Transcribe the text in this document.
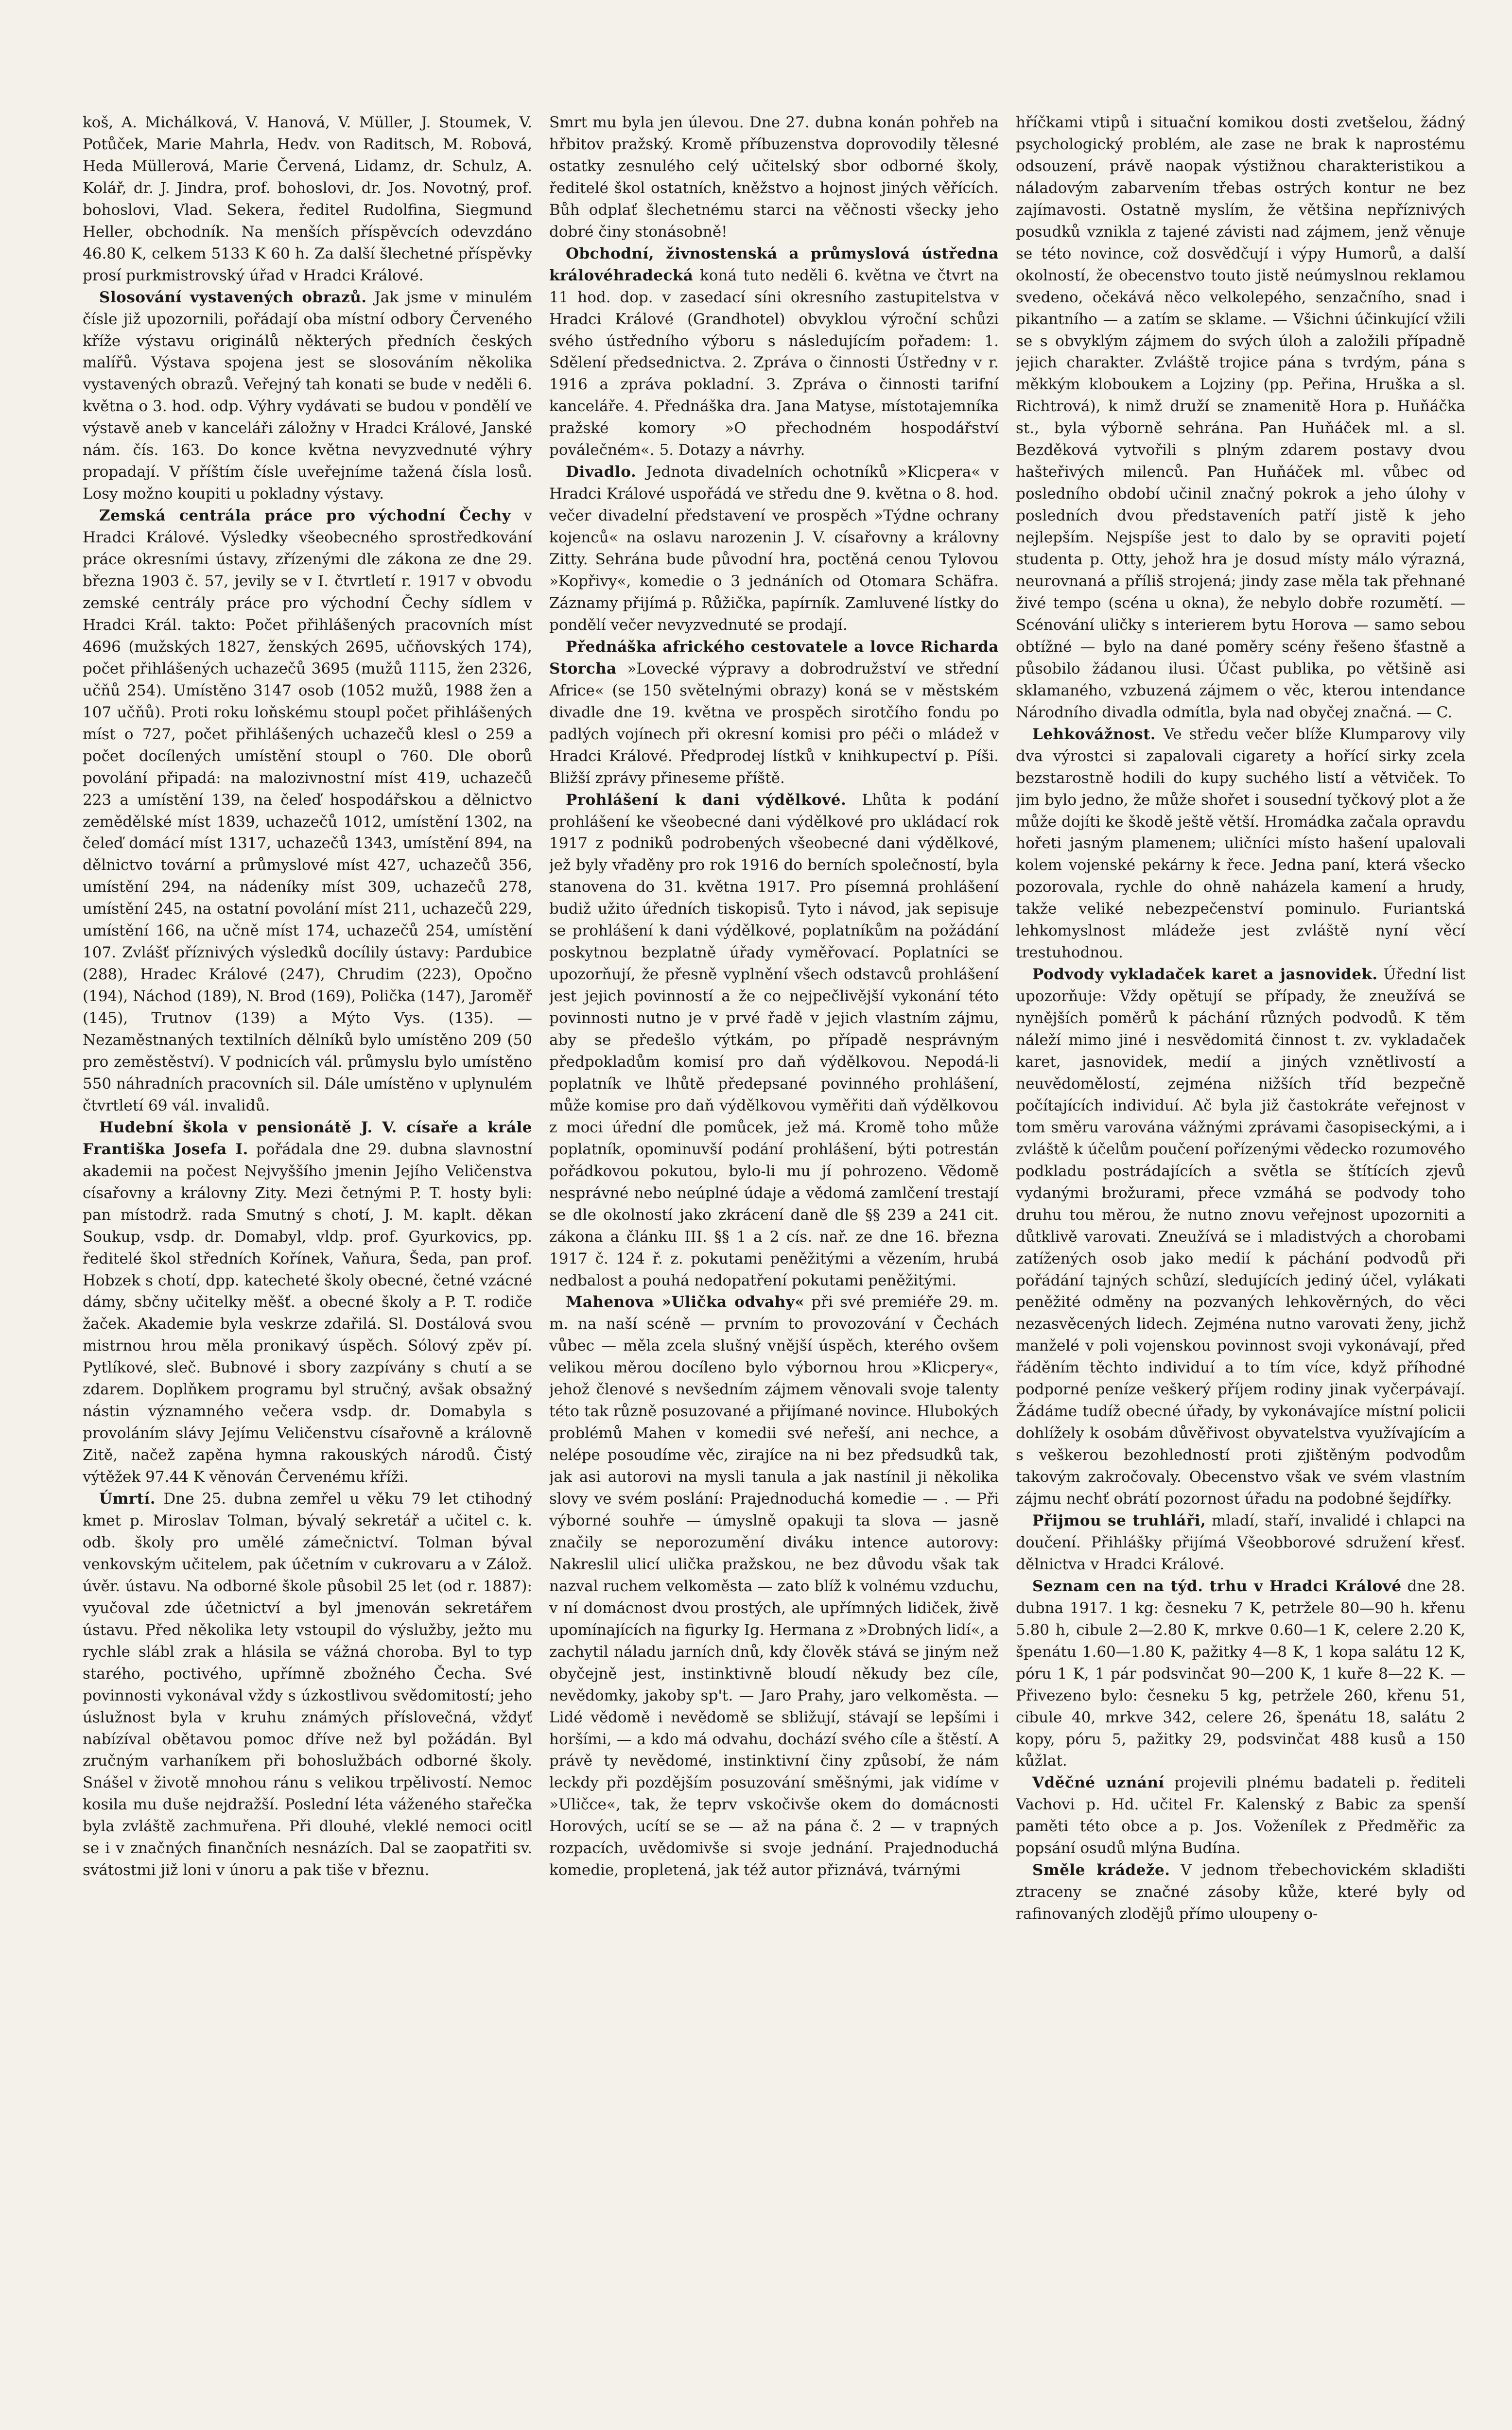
koš, A. Michálková, V. Hanová, V. Müller, J. Stoumek, V. Potůček, Marie Mahrla, Hedv. von Raditsch, M. Robová, Heda Müllerová, Marie Červená, Lidamz, dr. Schulz, A. Kolář, dr. J. Jindra, prof. bohoslovi, dr. Jos. Novotný, prof. bohoslovi, Vlad. Sekera, ředitel Rudolfina, Siegmund Heller, obchodník. Na menších příspěvcích odevzdáno 46.80 K, celkem 5133 K 60 h. Za další šlechetné příspěvky prosí purkmistrovský úřad v Hradci Králové.

Slosování vystavených obrazů. Jak jsme v minulém čísle již upozornili, pořádají oba místní odbory Červeného kříže výstavu originálů některých předních českých malířů. Výstava spojena jest se slosováním několika vystavených obrazů. Veřejný tah konati se bude v neděli 6. května o 3. hod. odp. Výhry vydávati se budou v pondělí ve výstavě aneb v kanceláři záložny v Hradci Králové, Janské nám. čís. 163. Do konce května nevyzvednuté výhry propadají. V příštím čísle uveřejníme tažená čísla losů. Losy možno koupiti u pokladny výstavy.

Zemská centrála práce pro východní Čechy v Hradci Králové. Výsledky všeobecného sprostředkování práce okresními ústavy, zřízenými dle zákona ze dne 29. března 1903 č. 57, jevily se v I. čtvrtletí r. 1917 v obvodu zemské centrály práce pro východní Čechy sídlem v Hradci Král. takto: Počet přihlášených pracovních míst 4696 (mužských 1827, ženských 2695, učňovských 174), počet přihlášených uchazečů 3695 (mužů 1115, žen 2326, učňů 254). Umístěno 3147 osob (1052 mužů, 1988 žen a 107 učňů). Proti roku loňskému stoupl počet přihlášených míst o 727, počet přihlášených uchazečů klesl o 259 a počet docílených umístění stoupl o 760. Dle oborů povolání připadá: na malozivnostní míst 419, uchazečů 223 a umístění 139, na čeleď hospodářskou a dělnictvo zemědělské míst 1839, uchazečů 1012, umístění 1302, na čeleď domácí míst 1317, uchazečů 1343, umístění 894, na dělnictvo tovární a průmyslové míst 427, uchazečů 356, umístění 294, na nádeníky míst 309, uchazečů 278, umístění 245, na ostatní povolání míst 211, uchazečů 229, umístění 166, na učně míst 174, uchazečů 254, umístění 107. Zvlášť příznivých výsledků docílily ústavy: Pardubice (288), Hradec Králové (247), Chrudim (223), Opočno (194), Náchod (189), N. Brod (169), Polička (147), Jaroměř (145), Trutnov (139) a Mýto Vys. (135). — Nezaměstnaných textilních dělníků bylo umístěno 209 (50 pro zeměstěství). V podnicích vál. průmyslu bylo umístěno 550 náhradních pracovních sil. Dále umístěno v uplynulém čtvrtletí 69 vál. invalidů.

Hudební škola v pensionátě J. V. císaře a krále Františka Josefa I. pořádala dne 29. dubna slavnostní akademii na počest Nejvyššího jmenin Jejího Veličenstva císařovny a královny Zity. Mezi četnými P. T. hosty byli: pan místodrž. rada Smutný s chotí, J. M. kaplt. děkan Soukup, vsdp. dr. Domabyl, vldp. prof. Gyurkovics, pp. ředitelé škol středních Kořínek, Vaňura, Šeda, pan prof. Hobzek s chotí, dpp. katecheté školy obecné, četné vzácné dámy, sbčny učitelky měšť. a obecné školy a P. T. rodiče žaček. Akademie byla veskrze zdařilá. Sl. Dostálová svou mistrnou hrou měla pronikavý úspěch. Sólový zpěv pí. Pytlíkové, sleč. Bubnové i sbory zazpívány s chutí a se zdarem. Doplňkem programu byl stručný, avšak obsažný nástin významného večera vsdp. dr. Domabyla s provoláním slávy Jejímu Veličenstvu císařovně a královně Zitě, načež zapěna hymna rakouských národů. Čistý výtěžek 97.44 K věnován Červenému kříži.

Úmrtí. Dne 25. dubna zemřel u věku 79 let ctihodný kmet p. Miroslav Tolman, bývalý sekretář a učitel c. k. odb. školy pro umělé zámečnictví. Tolman býval venkovským učitelem, pak účetním v cukrovaru a v Zálož. úvěr. ústavu. Na odborné škole působil 25 let (od r. 1887): vyučoval zde účetnictví a byl jmenován sekretářem ústavu. Před několika lety vstoupil do výslužby, ježto mu rychle slábl zrak a hlásila se vážná choroba. Byl to typ starého, poctivého, upřímně zbožného Čecha. Své povinnosti vykonával vždy s úzkostlivou svědomitostí; jeho úslužnost byla v kruhu známých příslovečná, vždyť nabízíval obětavou pomoc dříve než byl požádán. Byl zručným varhaníkem při bohoslužbách odborné školy. Snášel v životě mnohou ránu s velikou trpělivostí. Nemoc kosila mu duše nejdražší. Poslední léta váženého stařečka byla zvláště zachmuřena. Při dlouhé, vleklé nemoci ocitl se i v značných finančních nesnázích. Dal se zaopatřiti sv. svátostmi již loni v únoru a pak tiše v březnu.

Smrt mu byla jen úlevou. Dne 27. dubna konán pohřeb na hřbitov pražský. Kromě příbuzenstva doprovodily tělesné ostatky zesnulého celý učitelský sbor odborné školy, ředitelé škol ostatních, kněžstvo a hojnost jiných věřících. Bůh odplať šlechetnému starci na věčnosti všecky jeho dobré činy stonásobně!

Obchodní, živnostenská a průmyslová ústředna královéhradecká koná tuto neděli 6. května ve čtvrt na 11 hod. dop. v zasedací síni okresního zastupitelstva v Hradci Králové (Grandhotel) obvyklou výroční schůzi svého ústředního výboru s následujícím pořadem: 1. Sdělení předsednictva. 2. Zpráva o činnosti Ústředny v r. 1916 a zpráva pokladní. 3. Zpráva o činnosti tarifní kanceláře. 4. Přednáška dra. Jana Matyse, místotajemníka pražské komory »O přechodném hospodářství poválečném«. 5. Dotazy a návrhy.

Divadlo. Jednota divadelních ochotníků »Klicpera« v Hradci Králové uspořádá ve středu dne 9. května o 8. hod. večer divadelní představení ve prospěch »Týdne ochrany kojenců« na oslavu narozenin J. V. císařovny a královny Zitty. Sehrána bude původní hra, poctěná cenou Tylovou »Kopřivy«, komedie o 3 jednáních od Otomara Schäfra. Záznamy přijímá p. Růžička, papírník. Zamluvené lístky do pondělí večer nevyzvednuté se prodají.

Přednáška afrického cestovatele a lovce Richarda Storcha »Lovecké výpravy a dobrodružství ve střední Africe« (se 150 světelnými obrazy) koná se v městském divadle dne 19. května ve prospěch sirotčího fondu po padlých vojínech při okresní komisi pro péči o mládež v Hradci Králové. Předprodej lístků v knihkupectví p. Píši. Bližší zprávy přineseme příště.

Prohlášení k dani výdělkové. Lhůta k podání prohlášení ke všeobecné dani výdělkové pro ukládací rok 1917 z podniků podrobených všeobecné dani výdělkové, jež byly vřaděny pro rok 1916 do berních společností, byla stanovena do 31. května 1917. Pro písemná prohlášení budiž užito úředních tiskopisů. Tyto i návod, jak sepisuje se prohlášení k dani výdělkové, poplatníkům na požádání poskytnou bezplatně úřady vyměřovací. Poplatníci se upozorňují, že přesně vyplnění všech odstavců prohlášení jest jejich povinností a že co nejpečlivější vykonání této povinnosti nutno je v prvé řadě v jejich vlastním zájmu, aby se předešlo výtkám, po případě nesprávným předpokladům komisí pro daň výdělkovou. Nepodá-li poplatník ve lhůtě předepsané povinného prohlášení, může komise pro daň výdělkovou vyměřiti daň výdělkovou z moci úřední dle pomůcek, jež má. Kromě toho může poplatník, opominuvší podání prohlášení, býti potrestán pořádkovou pokutou, bylo-li mu jí pohrozeno. Vědomě nesprávné nebo neúplné údaje a vědomá zamlčení trestají se dle okolností jako zkrácení daně dle §§ 239 a 241 cit. zákona a článku III. §§ 1 a 2 cís. nař. ze dne 16. března 1917 č. 124 ř. z. pokutami peněžitými a vězením, hrubá nedbalost a pouhá nedopatření pokutami peněžitými.

Mahenova »Ulička odvahy« při své premiéře 29. m. m. na naší scéně — prvním to provozování v Čechách vůbec — měla zcela slušný vnější úspěch, kterého ovšem velikou měrou docíleno bylo výbornou hrou »Klicpery«, jehož členové s nevšedním zájmem věnovali svoje talenty této tak různě posuzované a přijímané novince. Hlubokých problémů Mahen v komedii své neřeší, ani nechce, a nelépe posoudíme věc, zirajíce na ni bez předsudků tak, jak asi autorovi na mysli tanula a jak nastínil ji několika slovy ve svém poslání: Prajednoduchá komedie — . — Při výborné souhře — úmyslně opakuji ta slova — jasně značily se neporozumění diváku intence autorovy: Nakreslil ulicí ulička pražskou, ne bez důvodu však tak nazval ruchem velkoměsta — zato blíž k volnému vzduchu, v ní domácnost dvou prostých, ale upřímných lidiček, živě upomínajících na figurky Ig. Hermana z »Drobných lidí«, a zachytil náladu jarních dnů, kdy člověk stává se jiným než obyčejně jest, instinktivně bloudí někudy bez cíle, nevědomky, jakoby sp't. — Jaro Prahy, jaro velkoměsta. — Lidé vědomě i nevědomě se sbližují, stávají se lepšími i horšími, — a kdo má odvahu, dochází svého cíle a štěstí. A právě ty nevědomé, instinktivní činy způsobí, že nám leckdy při pozdějším posuzování směšnými, jak vidíme v »Uličce«, tak, že teprv vskočivše okem do domácnosti Horových, ucítí se se — až na pána č. 2 — v trapných rozpacích, uvědomivše si svoje jednání. Prajednoduchá komedie, propletená, jak též autor přiznává, tvárnými

hříčkami vtipů i situační komikou dosti zvetšelou, žádný psychologický problém, ale zase ne brak k naprostému odsouzení, právě naopak výstižnou charakteristikou a náladovým zabarvením třebas ostrých kontur ne bez zajímavosti. Ostatně myslím, že většina nepříznivých posudků vznikla z tajené závisti nad zájmem, jenž věnuje se této novince, což dosvědčují i výpy Humorů, a další okolností, že obecenstvo touto jistě neúmyslnou reklamou svedeno, očekává něco velkolepého, senzačního, snad i pikantního — a zatím se sklame. — Všichni účinkující vžili se s obvyklým zájmem do svých úloh a založili případně jejich charakter. Zvláště trojice pána s tvrdým, pána s měkkým kloboukem a Lojziny (pp. Peřina, Hruška a sl. Richtrová), k nimž druží se znamenitě Hora p. Huňáčka st., byla výborně sehrána. Pan Huňáček ml. a sl. Bezděková vytvořili s plným zdarem postavy dvou hašteřivých milenců. Pan Huňáček ml. vůbec od posledního období učinil značný pokrok a jeho úlohy v posledních dvou představeních patří jistě k jeho nejlepším. Nejspíše jest to dalo by se opraviti pojetí studenta p. Otty, jehož hra je dosud místy málo výrazná, neurovnaná a příliš strojená; jindy zase měla tak přehnané živé tempo (scéna u okna), že nebylo dobře rozumětí. — Scénování uličky s interierem bytu Horova — samo sebou obtížné — bylo na dané poměry scény řešeno šťastně a působilo žádanou ilusi. Účast publika, po většině asi sklamaného, vzbuzená zájmem o věc, kterou intendance Národního divadla odmítla, byla nad obyčej značná. — C.

Lehkovážnost. Ve středu večer blíže Klumparovy vily dva výrostci si zapalovali cigarety a hořící sirky zcela bezstarostně hodili do kupy suchého listí a větviček. To jim bylo jedno, že může shořet i sousední tyčkový plot a že může dojíti ke škodě ještě větší. Hromádka začala opravdu hořeti jasným plamenem; uličníci místo hašení upalovali kolem vojenské pekárny k řece. Jedna paní, která všecko pozorovala, rychle do ohně naházela kamení a hrudy, takže veliké nebezpečenství pominulo. Furiantská lehkomyslnost mládeže jest zvláště nyní věcí trestuhodnou.

Podvody vykladaček karet a jasnovidek. Úřední list upozorňuje: Vždy opětují se případy, že zneužívá se nynějších poměrů k páchání různých podvodů. K těm náleží mimo jiné i nesvědomitá činnost t. zv. vykladaček karet, jasnovidek, medií a jiných vznětlivostí a neuvědomělostí, zejména nižších tříd bezpečně počítajících individuí. Ač byla již častokráte veřejnost v tom směru varována vážnými zprávami časopiseckými, a i zvláště k účelům poučení pořízenými vědecko rozumového podkladu postrádajících a světla se štítících zjevů vydanými brožurami, přece vzmáhá se podvody toho druhu tou měrou, že nutno znovu veřejnost upozorniti a důtklivě varovati. Zneužívá se i mladistvých a chorobami zatížených osob jako medií k páchání podvodů při pořádání tajných schůzí, sledujících jediný účel, vylákati peněžité odměny na pozvaných lehkověrných, do věci nezasvěcených lidech. Zejména nutno varovati ženy, jichž manželé v poli vojenskou povinnost svoji vykonávají, před řáděním těchto individuí a to tím více, když příhodné podporné peníze veškerý příjem rodiny jinak vyčerpávají. Žádáme tudíž obecné úřady, by vykonávajíce místní policii dohlížely k osobám důvěřivost obyvatelstva využívajícím a s veškerou bezohledností proti zjištěným podvodům takovým zakročovaly. Obecenstvo však ve svém vlastním zájmu nechť obrátí pozornost úřadu na podobné šejdířky.

Přijmou se truhláři, mladí, staří, invalidé i chlapci na doučení. Přihlášky přijímá Všeobborové sdružení křesť. dělnictva v Hradci Králové.

Seznam cen na týd. trhu v Hradci Králové dne 28. dubna 1917. 1 kg: česneku 7 K, petržele 80—90 h. křenu 5.80 h, cibule 2—2.80 K, mrkve 0.60—1 K, celere 2.20 K, špenátu 1.60—1.80 K, pažitky 4—8 K, 1 kopa salátu 12 K, póru 1 K, 1 pár podsvinčat 90—200 K, 1 kuře 8—22 K. — Přivezeno bylo: česneku 5 kg, petržele 260, křenu 51, cibule 40, mrkve 342, celere 26, špenátu 18, salátu 2 kopy, póru 5, pažitky 29, podsvinčat 488 kusů a 150 kůžlat.

Vděčné uznání projevili plnému badateli p. řediteli Vachovi p. Hd. učitel Fr. Kalenský z Babic za spenší paměti této obce a p. Jos. Voženílek z Předměřic za popsání osudů mlýna Budína.

Směle krádeže. V jednom třebechovickém skladišti ztraceny se značné zásoby kůže, které byly od rafinovaných zlodějů přímo uloupeny o-
